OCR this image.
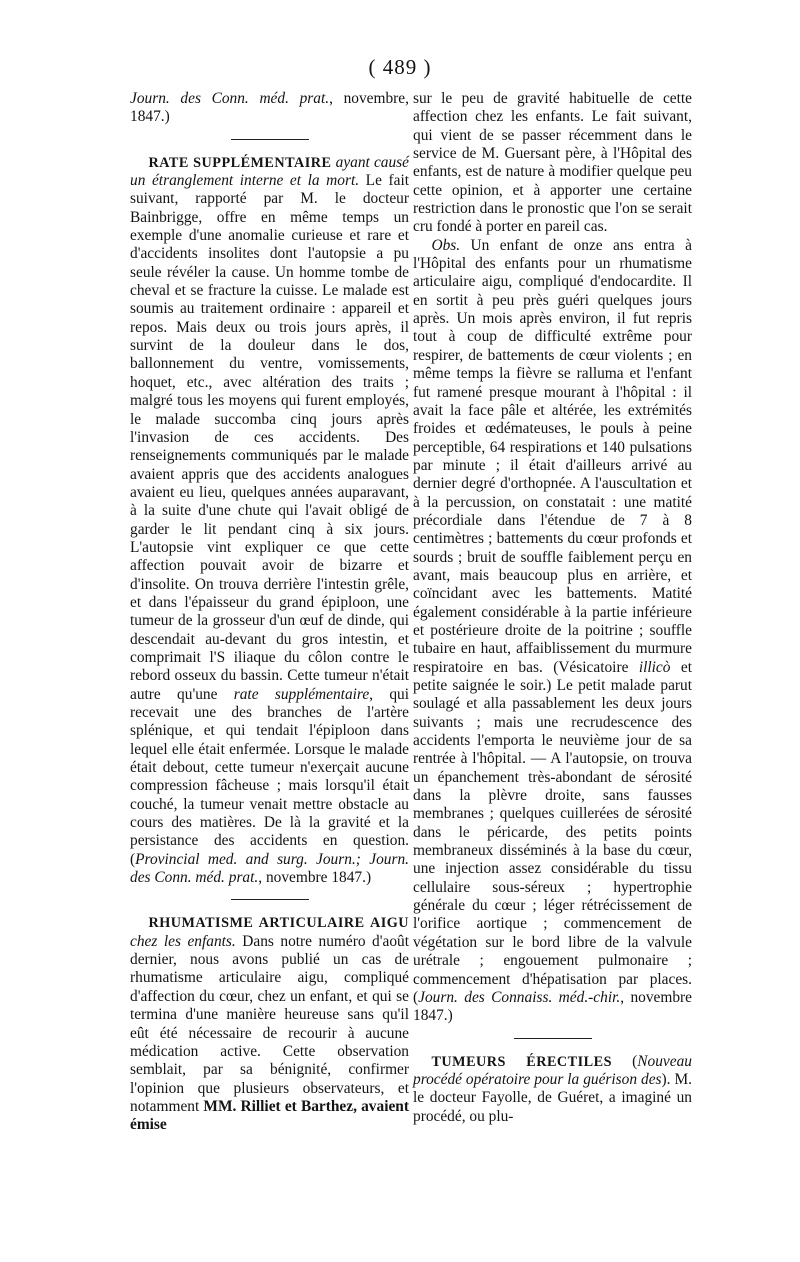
( 489 )

Journ. des Conn. méd. prat., novembre, 1847.)

RATE SUPPLÉMENTAIRE ayant causé un étranglement interne et la mort. Le fait suivant, rapporté par M. le docteur Bainbrigge, offre en même temps un exemple d'une anomalie curieuse et rare et d'accidents insolites dont l'autopsie a pu seule révéler la cause. Un homme tombe de cheval et se fracture la cuisse. Le malade est soumis au traitement ordinaire : appareil et repos. Mais deux ou trois jours après, il survint de la douleur dans le dos, ballonnement du ventre, vomissements, hoquet, etc., avec altération des traits ; malgré tous les moyens qui furent employés, le malade succomba cinq jours après l'invasion de ces accidents. Des renseignements communiqués par le malade avaient appris que des accidents analogues avaient eu lieu, quelques années auparavant, à la suite d'une chute qui l'avait obligé de garder le lit pendant cinq à six jours. L'autopsie vint expliquer ce que cette affection pouvait avoir de bizarre et d'insolite. On trouva derrière l'intestin grêle, et dans l'épaisseur du grand épiploon, une tumeur de la grosseur d'un œuf de dinde, qui descendait au-devant du gros intestin, et comprimait l'S iliaque du côlon contre le rebord osseux du bassin. Cette tumeur n'était autre qu'une rate supplémentaire, qui recevait une des branches de l'artère splénique, et qui tendait l'épiploon dans lequel elle était enfermée. Lorsque le malade était debout, cette tumeur n'exerçait aucune compression fâcheuse ; mais lorsqu'il était couché, la tumeur venait mettre obstacle au cours des matières. De là la gravité et la persistance des accidents en question. (Provincial med. and surg. Journ.; Journ. des Conn. méd. prat., novembre 1847.)

RHUMATISME ARTICULAIRE AIGU chez les enfants. Dans notre numéro d'août dernier, nous avons publié un cas de rhumatisme articulaire aigu, compliqué d'affection du cœur, chez un enfant, et qui se termina d'une manière heureuse sans qu'il eût été nécessaire de recourir à aucune médication active. Cette observation semblait, par sa bénignité, confirmer l'opinion que plusieurs observateurs, et notamment MM. Rilliet et Barthez, avaient émise

sur le peu de gravité habituelle de cette affection chez les enfants. Le fait suivant, qui vient de se passer récemment dans le service de M. Guersant père, à l'Hôpital des enfants, est de nature à modifier quelque peu cette opinion, et à apporter une certaine restriction dans le pronostic que l'on se serait cru fondé à porter en pareil cas.

Obs. Un enfant de onze ans entra à l'Hôpital des enfants pour un rhumatisme articulaire aigu, compliqué d'endocardite. Il en sortit à peu près guéri quelques jours après. Un mois après environ, il fut repris tout à coup de difficulté extrême pour respirer, de battements de cœur violents ; en même temps la fièvre se ralluma et l'enfant fut ramené presque mourant à l'hôpital : il avait la face pâle et altérée, les extrémités froides et œdémateuses, le pouls à peine perceptible, 64 respirations et 140 pulsations par minute ; il était d'ailleurs arrivé au dernier degré d'orthopnée. A l'auscultation et à la percussion, on constatait : une matité précordiale dans l'étendue de 7 à 8 centimètres ; battements du cœur profonds et sourds ; bruit de souffle faiblement perçu en avant, mais beaucoup plus en arrière, et coïncidant avec les battements. Matité également considérable à la partie inférieure et postérieure droite de la poitrine ; souffle tubaire en haut, affaiblissement du murmure respiratoire en bas. (Vésicatoire illicò et petite saignée le soir.) Le petit malade parut soulagé et alla passablement les deux jours suivants ; mais une recrudescence des accidents l'emporta le neuvième jour de sa rentrée à l'hôpital. — A l'autopsie, on trouva un épanchement très-abondant de sérosité dans la plèvre droite, sans fausses membranes ; quelques cuillerées de sérosité dans le péricarde, des petits points membraneux disséminés à la base du cœur, une injection assez considérable du tissu cellulaire sous-séreux ; hypertrophie générale du cœur ; léger rétrécissement de l'orifice aortique ; commencement de végétation sur le bord libre de la valvule urétrale ; engouement pulmonaire ; commencement d'hépatisation par places. (Journ. des Connaiss. méd.-chir., novembre 1847.)

TUMEURS ÉRECTILES (Nouveau procédé opératoire pour la guérison des). M. le docteur Fayolle, de Guéret, a imaginé un procédé, ou plu-
